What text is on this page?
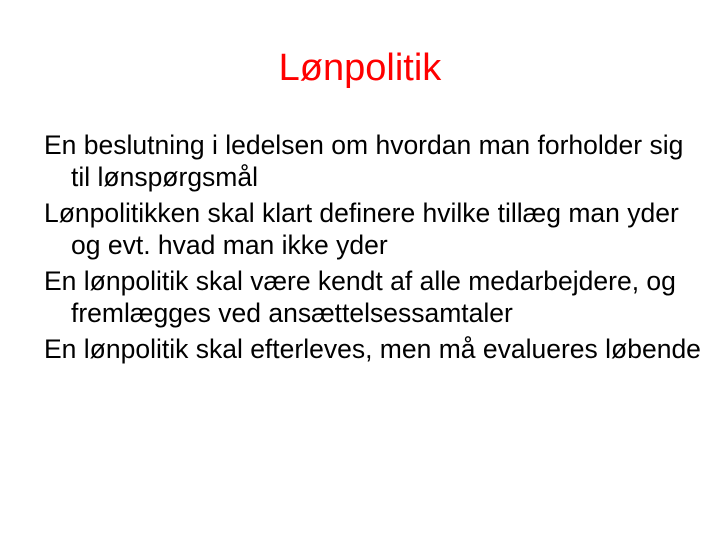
Lønpolitik
En beslutning i ledelsen om hvordan man forholder sig til lønspørgsmål
Lønpolitikken skal klart definere hvilke tillæg man yder og evt. hvad man ikke yder
En lønpolitik skal være kendt af alle medarbejdere, og fremlægges ved ansættelsessamtaler
En lønpolitik skal efterleves, men må evalueres løbende
